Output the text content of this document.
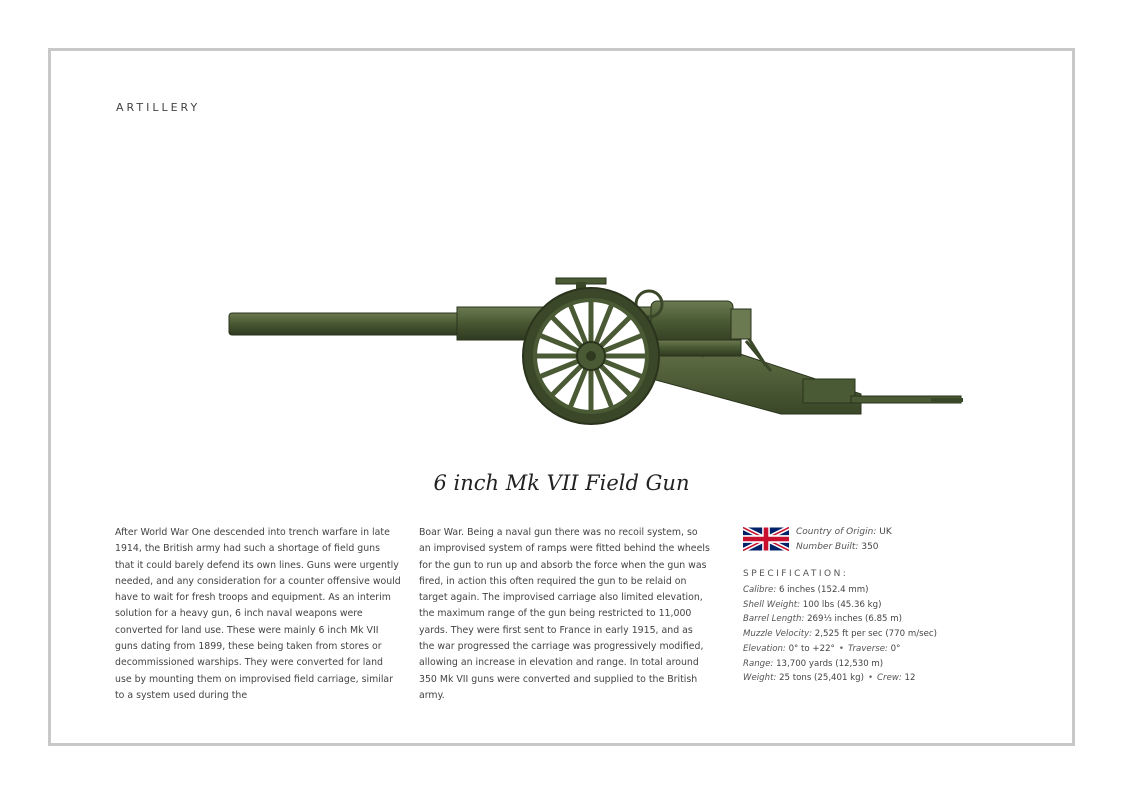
ARTILLERY
6 inch Mk VII Field Gun
After World War One descended into trench warfare in late 1914, the British army had such a shortage of field guns that it could barely defend its own lines. Guns were urgently needed, and any consideration for a counter offensive would have to wait for fresh troops and equipment. As an interim solution for a heavy gun, 6 inch naval weapons were converted for land use. These were mainly 6 inch Mk VII guns dating from 1899, these being taken from stores or decommissioned warships. They were converted for land use by mounting them on improvised field carriage, similar to a system used during the
Boar War. Being a naval gun there was no recoil system, so an improvised system of ramps were fitted behind the wheels for the gun to run up and absorb the force when the gun was fired, in action this often required the gun to be relaid on target again. The improvised carriage also limited elevation, the maximum range of the gun being restricted to 11,000 yards. They were first sent to France in early 1915, and as the war progressed the carriage was progressively modified, allowing an increase in elevation and range. In total around 350 Mk VII guns were converted and supplied to the British army.
Country of Origin: UK
Number Built: 350
SPECIFICATION:
Calibre: 6 inches (152.4 mm)
Shell Weight: 100 lbs (45.36 kg)
Barrel Length: 269⅓ inches (6.85 m)
Muzzle Velocity: 2,525 ft per sec (770 m/sec)
Elevation: 0° to +22° • Traverse: 0°
Range: 13,700 yards (12,530 m)
Weight: 25 tons (25,401 kg) • Crew: 12
